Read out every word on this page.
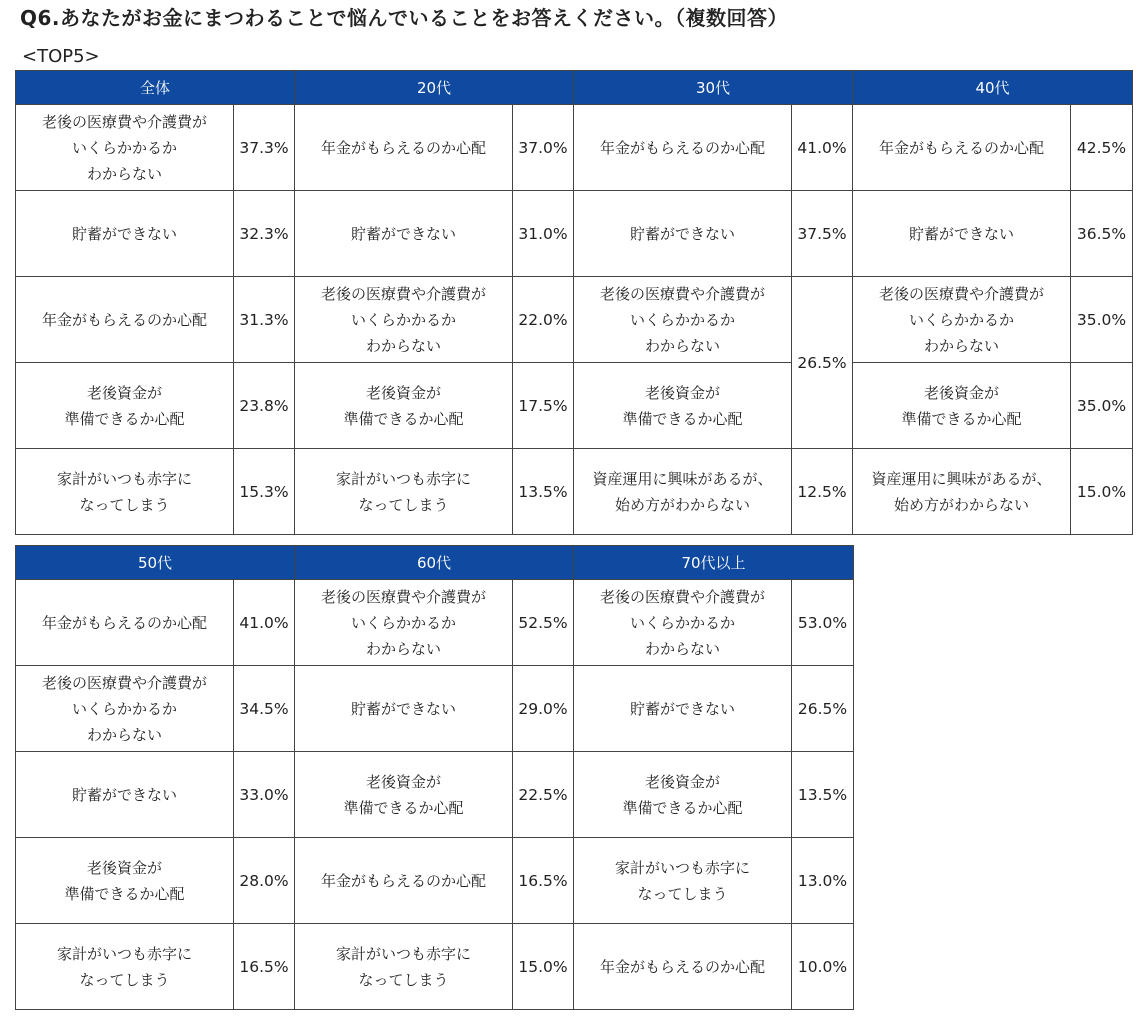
Q6.あなたがお金にまつわることで悩んでいることをお答えください。（複数回答）
<TOP5>
全体		20代		30代		40代	

老後の医療費や介護費が
いくらかかるか
わからない	37.3%	年金がもらえるのか心配	37.0%	年金がもらえるのか心配	41.0%	年金がもらえるのか心配	42.5%

貯蓄ができない	32.3%	貯蓄ができない	31.0%	貯蓄ができない	37.5%	貯蓄ができない	36.5%

年金がもらえるのか心配	31.3%	老後の医療費や介護費が
いくらかかるか
わからない	22.0%	老後の医療費や介護費が
いくらかかるか
わからない	26.5%	老後の医療費や介護費が
いくらかかるか
わからない	35.0%

老後資金が
準備できるか心配	23.8%	老後資金が
準備できるか心配	17.5%	老後資金が
準備できるか心配		老後資金が
準備できるか心配	35.0%

家計がいつも赤字に
なってしまう	15.3%	家計がいつも赤字に
なってしまう	13.5%	資産運用に興味があるが、
始め方がわからない	12.5%	資産運用に興味があるが、
始め方がわからない	15.0%
50代		60代		70代以上	

年金がもらえるのか心配	41.0%	老後の医療費や介護費が
いくらかかるか
わからない	52.5%	老後の医療費や介護費が
いくらかかるか
わからない	53.0%

老後の医療費や介護費が
いくらかかるか
わからない	34.5%	貯蓄ができない	29.0%	貯蓄ができない	26.5%

貯蓄ができない	33.0%	老後資金が
準備できるか心配	22.5%	老後資金が
準備できるか心配	13.5%

老後資金が
準備できるか心配	28.0%	年金がもらえるのか心配	16.5%	家計がいつも赤字に
なってしまう	13.0%

家計がいつも赤字に
なってしまう	16.5%	家計がいつも赤字に
なってしまう	15.0%	年金がもらえるのか心配	10.0%
